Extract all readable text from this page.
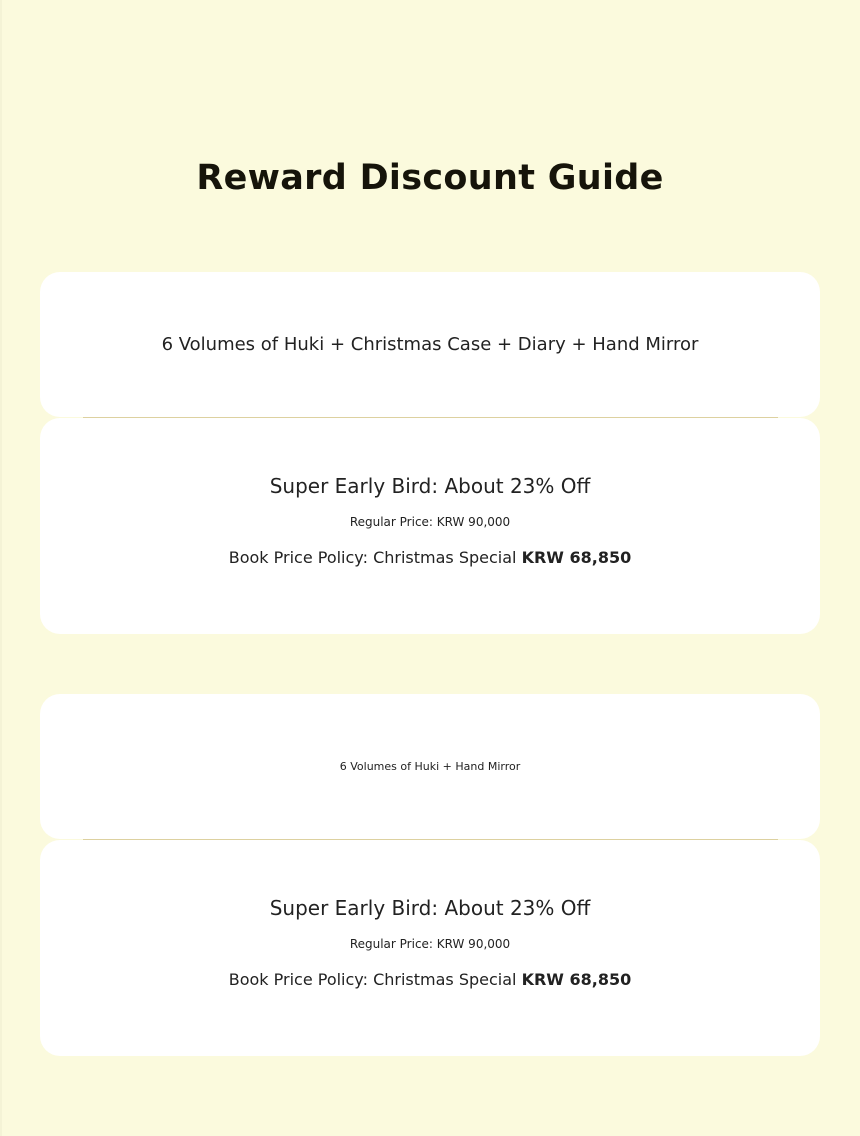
Reward Discount Guide
6 Volumes of Huki + Christmas Case + Diary + Hand Mirror
Super Early Bird: About 23% Off
Regular Price: KRW 90,000
Book Price Policy: Christmas Special KRW 68,850
6 Volumes of Huki + Hand Mirror
Super Early Bird: About 23% Off
Regular Price: KRW 90,000
Book Price Policy: Christmas Special KRW 68,850
